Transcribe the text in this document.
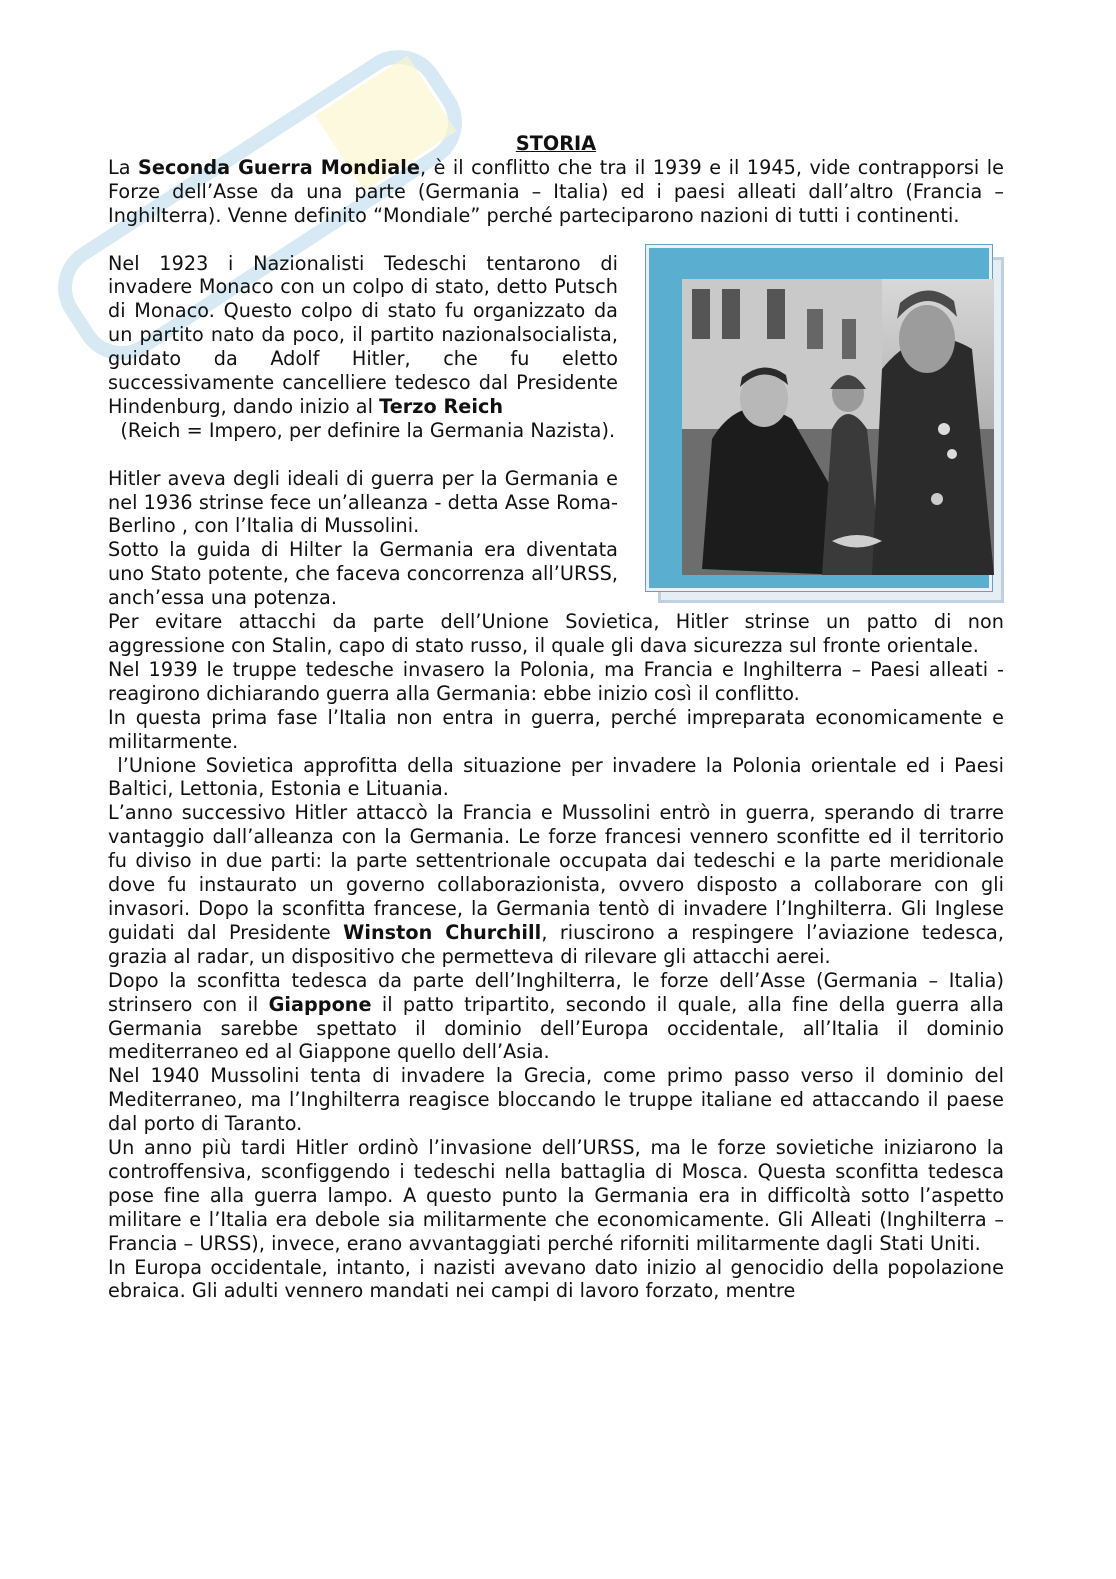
STORIA

La Seconda Guerra Mondiale, è il conflitto che tra il 1939 e il 1945, vide contrapporsi le Forze dell’Asse da una parte (Germania – Italia) ed i paesi alleati dall’altro (Francia – Inghilterra). Venne definito “Mondiale” perché parteciparono nazioni di tutti i continenti.

Nel 1923 i Nazionalisti Tedeschi tentarono di invadere Monaco con un colpo di stato, detto Putsch di Monaco. Questo colpo di stato fu organizzato da un partito nato da poco, il partito nazionalsocialista, guidato da Adolf Hitler, che fu eletto successivamente cancelliere tedesco dal Presidente Hindenburg, dando inizio al Terzo Reich
(Reich = Impero, per definire la Germania Nazista).

Hitler aveva degli ideali di guerra per la Germania e nel 1936 strinse fece un’alleanza - detta Asse Roma-Berlino , con l’Italia di Mussolini.

Sotto la guida di Hilter la Germania era diventata uno Stato potente, che faceva concorrenza all’URSS, anch’essa una potenza.

Per evitare attacchi da parte dell’Unione Sovietica, Hitler strinse un patto di non aggressione con Stalin, capo di stato russo, il quale gli dava sicurezza sul fronte orientale.

Nel 1939 le truppe tedesche invasero la Polonia, ma Francia e Inghilterra – Paesi alleati - reagirono dichiarando guerra alla Germania: ebbe inizio così il conflitto.

In questa prima fase l’Italia non entra in guerra, perché impreparata economicamente e militarmente.

l’Unione Sovietica approfitta della situazione per invadere la Polonia orientale ed i Paesi Baltici, Lettonia, Estonia e Lituania.

L’anno successivo Hitler attaccò la Francia e Mussolini entrò in guerra, sperando di trarre vantaggio dall’alleanza con la Germania. Le forze francesi vennero sconfitte ed il territorio fu diviso in due parti: la parte settentrionale occupata dai tedeschi e la parte meridionale dove fu instaurato un governo collaborazionista, ovvero disposto a collaborare con gli invasori. Dopo la sconfitta francese, la Germania tentò di invadere l’Inghilterra. Gli Inglese guidati dal Presidente Winston Churchill, riuscirono a respingere l’aviazione tedesca, grazia al radar, un dispositivo che permetteva di rilevare gli attacchi aerei.

Dopo la sconfitta tedesca da parte dell’Inghilterra, le forze dell’Asse (Germania – Italia) strinsero con il Giappone il patto tripartito, secondo il quale, alla fine della guerra alla Germania sarebbe spettato il dominio dell’Europa occidentale, all’Italia il dominio mediterraneo ed al Giappone quello dell’Asia.

Nel 1940 Mussolini tenta di invadere la Grecia, come primo passo verso il dominio del Mediterraneo, ma l’Inghilterra reagisce bloccando le truppe italiane ed attaccando il paese dal porto di Taranto.

Un anno più tardi Hitler ordinò l’invasione dell’URSS, ma le forze sovietiche iniziarono la controffensiva, sconfiggendo i tedeschi nella battaglia di Mosca. Questa sconfitta tedesca pose fine alla guerra lampo. A questo punto la Germania era in difficoltà sotto l’aspetto militare e l’Italia era debole sia militarmente che economicamente. Gli Alleati (Inghilterra – Francia – URSS), invece, erano avvantaggiati perché riforniti militarmente dagli Stati Uniti.

In Europa occidentale, intanto, i nazisti avevano dato inizio al genocidio della popolazione ebraica. Gli adulti vennero mandati nei campi di lavoro forzato, mentre
